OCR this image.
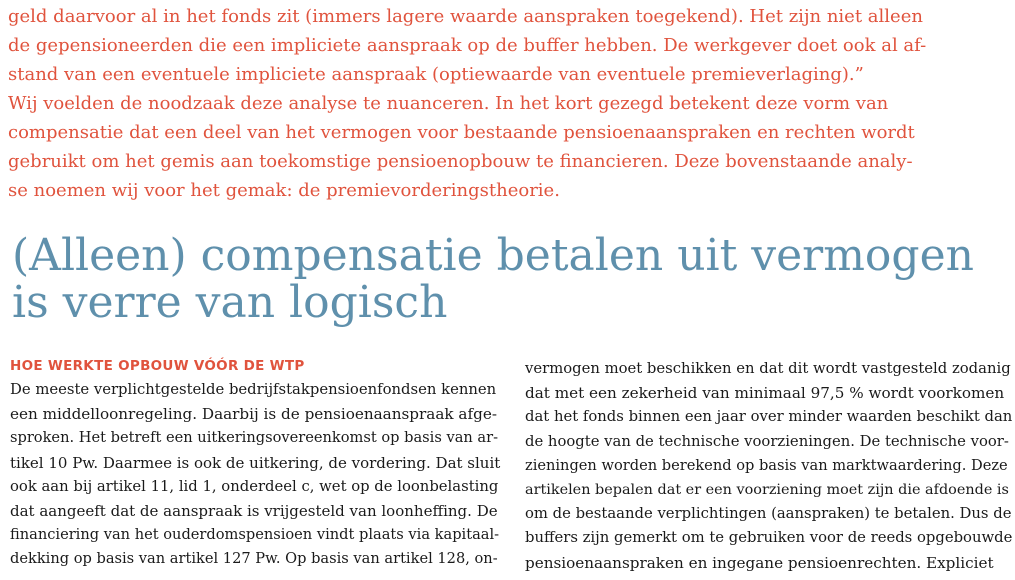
geld daarvoor al in het fonds zit (immers lagere waarde aanspraken toegekend). Het zijn niet alleen

de gepensioneerden die een impliciete aanspraak op de buffer hebben. De werkgever doet ook al af-

stand van een eventuele impliciete aanspraak (optiewaarde van eventuele premieverlaging).”

Wij voelden de noodzaak deze analyse te nuanceren. In het kort gezegd betekent deze vorm van

compensatie dat een deel van het vermogen voor bestaande pensioenaanspraken en rechten wordt

gebruikt om het gemis aan toekomstige pensioenopbouw te financieren. Deze bovenstaande analy-

se noemen wij voor het gemak: de premievorderingstheorie.

(Alleen) compensatie betalen uit vermogen
is verre van logisch
HOE WERKTE OPBOUW VÓÓR DE WTP

De meeste verplichtgestelde bedrijfstakpensioenfondsen kennen

een middelloonregeling. Daarbij is de pensioenaanspraak afge-

sproken. Het betreft een uitkeringsovereenkomst op basis van ar-

tikel 10 Pw. Daarmee is ook de uitkering, de vordering. Dat sluit

ook aan bij artikel 11, lid 1, onderdeel c, wet op de loonbelasting

dat aangeeft dat de aanspraak is vrijgesteld van loonheffing. De

financiering van het ouderdomspensioen vindt plaats via kapitaal-

dekking op basis van artikel 127 Pw. Op basis van artikel 128, on-

vermogen moet beschikken en dat dit wordt vastgesteld zodanig

dat met een zekerheid van minimaal 97,5 % wordt voorkomen

dat het fonds binnen een jaar over minder waarden beschikt dan

de hoogte van de technische voorzieningen. De technische voor-

zieningen worden berekend op basis van marktwaardering. Deze

artikelen bepalen dat er een voorziening moet zijn die afdoende is

om de bestaande verplichtingen (aanspraken) te betalen. Dus de

buffers zijn gemerkt om te gebruiken voor de reeds opgebouwde

pensioenaanspraken en ingegane pensioenrechten. Expliciet
